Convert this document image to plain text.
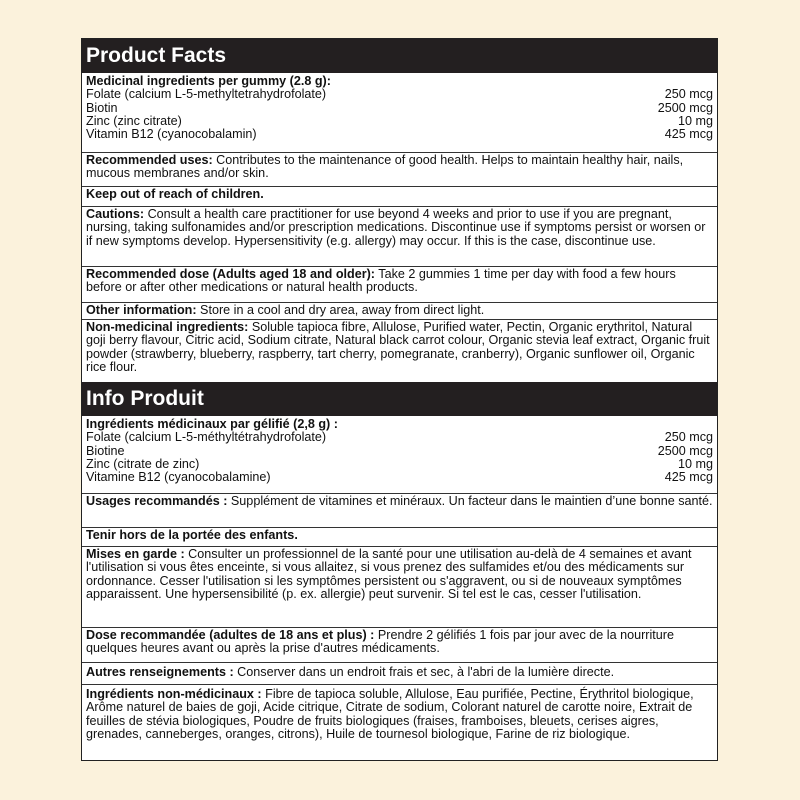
Product Facts
Medicinal ingredients per gummy (2.8 g):
Folate (calcium L-5-methyltetrahydrofolate)	250 mcg
Biotin	2500 mcg
Zinc (zinc citrate)	10 mg
Vitamin B12 (cyanocobalamin)	425 mcg
Recommended uses: Contributes to the maintenance of good health. Helps to maintain healthy hair, nails, mucous membranes and/or skin.
Keep out of reach of children.
Cautions: Consult a health care practitioner for use beyond 4 weeks and prior to use if you are pregnant, nursing, taking sulfonamides and/or prescription medications. Discontinue use if symptoms persist or worsen or if new symptoms develop. Hypersensitivity (e.g. allergy) may occur. If this is the case, discontinue use.
Recommended dose (Adults aged 18 and older): Take 2 gummies 1 time per day with food a few hours before or after other medications or natural health products.
Other information: Store in a cool and dry area, away from direct light.
Non-medicinal ingredients: Soluble tapioca fibre, Allulose, Purified water, Pectin, Organic erythritol, Natural goji berry flavour, Citric acid, Sodium citrate, Natural black carrot colour, Organic stevia leaf extract, Organic fruit powder (strawberry, blueberry, raspberry, tart cherry, pomegranate, cranberry), Organic sunflower oil, Organic rice flour.
Info Produit
Ingrédients médicinaux par gélifié (2,8 g) :
Folate (calcium L-5-méthyltétrahydrofolate)	250 mcg
Biotine	2500 mcg
Zinc (citrate de zinc)	10 mg
Vitamine B12 (cyanocobalamine)	425 mcg
Usages recommandés : Supplément de vitamines et minéraux. Un facteur dans le maintien d’une bonne santé.
Tenir hors de la portée des enfants.
Mises en garde : Consulter un professionnel de la santé pour une utilisation au-delà de 4 semaines et avant l'utilisation si vous êtes enceinte, si vous allaitez, si vous prenez des sulfamides et/ou des médicaments sur ordonnance. Cesser l'utilisation si les symptômes persistent ou s'aggravent, ou si de nouveaux symptômes apparaissent. Une hypersensibilité (p. ex. allergie) peut survenir. Si tel est le cas, cesser l'utilisation.
Dose recommandée (adultes de 18 ans et plus) : Prendre 2 gélifiés 1 fois par jour avec de la nourriture quelques heures avant ou après la prise d'autres médicaments.
Autres renseignements : Conserver dans un endroit frais et sec, à l'abri de la lumière directe.
Ingrédients non-médicinaux : Fibre de tapioca soluble, Allulose, Eau purifiée, Pectine, Érythritol biologique, Arôme naturel de baies de goji, Acide citrique, Citrate de sodium, Colorant naturel de carotte noire, Extrait de feuilles de stévia biologiques, Poudre de fruits biologiques (fraises, framboises, bleuets, cerises aigres, grenades, canneberges, oranges, citrons), Huile de tournesol biologique, Farine de riz biologique.
